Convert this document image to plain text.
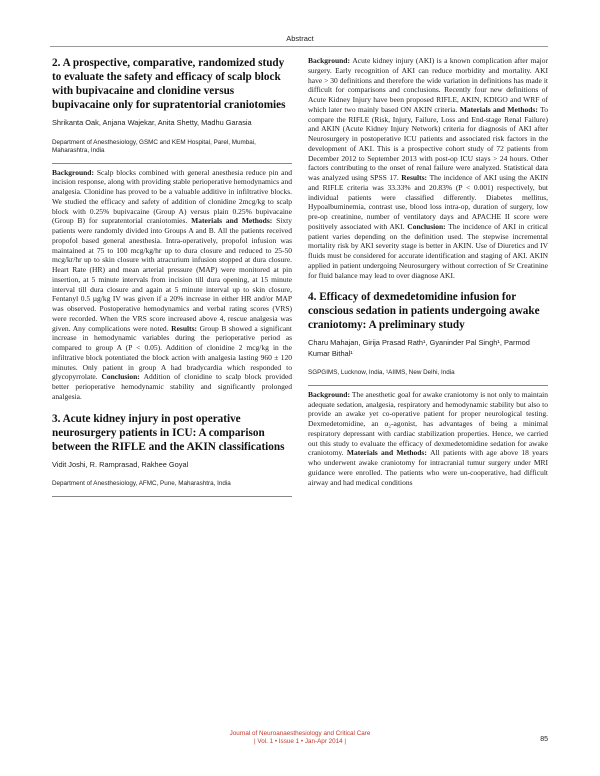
Abstract
2. A prospective, comparative, randomized study to evaluate the safety and efficacy of scalp block with bupivacaine and clonidine versus bupivacaine only for supratentorial craniotomies
Shrikanta Oak, Anjana Wajekar, Anita Shetty, Madhu Garasia
Department of Anesthesiology, GSMC and KEM Hospital, Parel, Mumbai, Maharashtra, India

Background: Scalp blocks combined with general anesthesia reduce pin and incision response, along with providing stable perioperative hemodynamics and analgesia. Clonidine has proved to be a valuable additive in infiltrative blocks. We studied the efficacy and safety of addition of clonidine 2mcg/kg to scalp block with 0.25% bupivacaine (Group A) versus plain 0.25% bupivacaine (Group B) for supratentorial craniotomies. Materials and Methods: Sixty patients were randomly divided into Groups A and B. All the patients received propofol based general anesthesia. Intra-operatively, propofol infusion was maintained at 75 to 100 mcg/kg/hr up to dura closure and reduced to 25-50 mcg/kr/hr up to skin closure with atracurium infusion stopped at dura closure. Heart Rate (HR) and mean arterial pressure (MAP) were monitored at pin insertion, at 5 minute intervals from incision till dura opening, at 15 minute interval till dura closure and again at 5 minute interval up to skin closure, Fentanyl 0.5 µg/kg IV was given if a 20% increase in either HR and/or MAP was observed. Postoperative hemodynamics and verbal rating scores (VRS) were recorded. When the VRS score increased above 4, rescue analgesia was given. Any complications were noted. Results: Group B showed a significant increase in hemodynamic variables during the perioperative period as compared to group A (P < 0.05). Addition of clonidine 2 mcg/kg in the infiltrative block potentiated the block action with analgesia lasting 960 ± 120 minutes. Only patient in group A had bradycardia which responded to glycopyrrolate. Conclusion: Addition of clonidine to scalp block provided better perioperative hemodynamic stability and significantly prolonged analgesia.

3. Acute kidney injury in post operative neurosurgery patients in ICU: A comparison between the RIFLE and the AKIN classifications
Vidit Joshi, R. Ramprasad, Rakhee Goyal
Department of Anesthesiology, AFMC, Pune, Maharashtra, India

Background: Acute kidney injury (AKI) is a known complication after major surgery. Early recognition of AKI can reduce morbidity and mortality. AKI have > 30 definitions and therefore the wide variation in definitions has made it difficult for comparisons and conclusions. Recently four new definitions of Acute Kidney Injury have been proposed RIFLE, AKIN, KDIGO and WRF of which later two mainly based ON AKIN criteria. Materials and Methods: To compare the RIFLE (Risk, Injury, Failure, Loss and End-stage Renal Failure) and AKIN (Acute Kidney Injury Network) criteria for diagnosis of AKI after Neurosurgery in postoperative ICU patients and associated risk factors in the development of AKI. This is a prospective cohort study of 72 patients from December 2012 to September 2013 with post-op ICU stays > 24 hours. Other factors contributing to the onset of renal failure were analyzed. Statistical data was analyzed using SPSS 17. Results: The incidence of AKI using the AKIN and RIFLE criteria was 33.33% and 20.83% (P < 0.001) respectively, but individual patients were classified differently. Diabetes mellitus, Hypoalbuminemia, contrast use, blood loss intra-op, duration of surgery, low pre-op creatinine, number of ventilatory days and APACHE II score were positively associated with AKI. Conclusion: The incidence of AKI in critical patient varies depending on the definition used. The stepwise incremental mortality risk by AKI severity stage is better in AKIN. Use of Diuretics and IV fluids must be considered for accurate identification and staging of AKI. AKIN applied in patient undergoing Neurosurgery without correction of Sr Creatinine for fluid balance may lead to over diagnose AKI.

4. Efficacy of dexmedetomidine infusion for conscious sedation in patients undergoing awake craniotomy: A preliminary study
Charu Mahajan, Girija Prasad Rath¹, Gyaninder Pal Singh¹, Parmod Kumar Bithal¹
SGPGIMS, Lucknow, India, ¹AIIMS, New Delhi, India

Background: The anesthetic goal for awake craniotomy is not only to maintain adequate sedation, analgesia, respiratory and hemodynamic stability but also to provide an awake yet co-operative patient for proper neurological testing. Dexmedetomidine, an α₂-agonist, has advantages of being a minimal respiratory depressant with cardiac stabilization properties. Hence, we carried out this study to evaluate the efficacy of dexmedetomidine sedation for awake craniotomy. Materials and Methods: All patients with age above 18 years who underwent awake craniotomy for intracranial tumur surgery under MRI guidance were enrolled. The patients who were un-cooperative, had difficult airway and had medical conditions

Journal of Neuroanaesthesiology and Critical Care
| Vol. 1 • Issue 1 • Jan-Apr 2014 |	85
